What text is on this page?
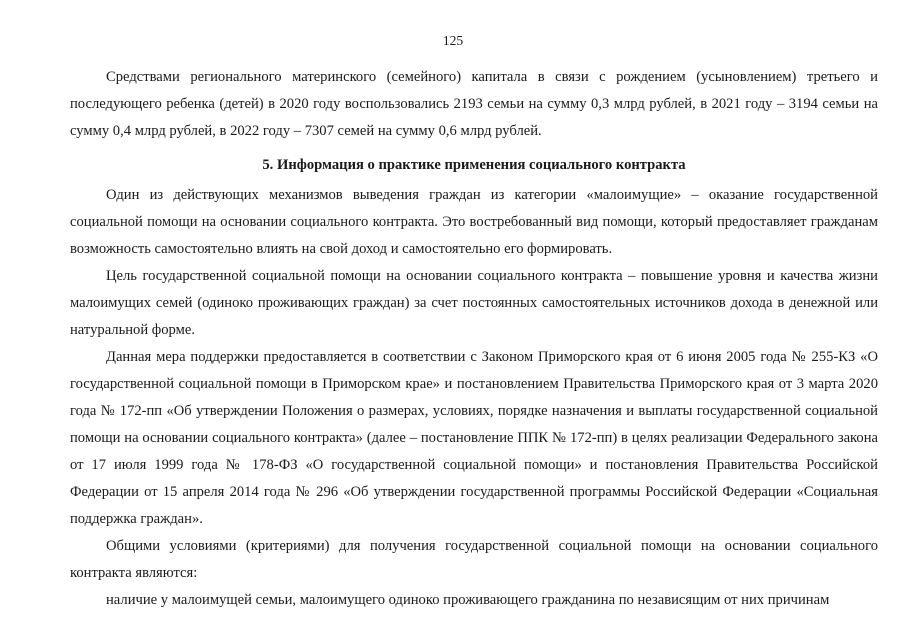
125

Средствами регионального материнского (семейного) капитала в связи с рождением (усыновлением) третьего и последующего ребенка (детей) в 2020 году воспользовались 2193 семьи на сумму 0,3 млрд рублей, в 2021 году – 3194 семьи на сумму 0,4 млрд рублей, в 2022 году – 7307 семей на сумму 0,6 млрд рублей.

5. Информация о практике применения социального контракта

Один из действующих механизмов выведения граждан из категории «малоимущие» – оказание государственной социальной помощи на основании социального контракта. Это востребованный вид помощи, который предоставляет гражданам возможность самостоятельно влиять на свой доход и самостоятельно его формировать.

Цель государственной социальной помощи на основании социального контракта – повышение уровня и качества жизни малоимущих семей (одиноко проживающих граждан) за счет постоянных самостоятельных источников дохода в денежной или натуральной форме.

Данная мера поддержки предоставляется в соответствии с Законом Приморского края от 6 июня 2005 года № 255-КЗ «О государственной социальной помощи в Приморском крае» и постановлением Правительства Приморского края от 3 марта 2020 года № 172-пп «Об утверждении Положения о размерах, условиях, порядке назначения и выплаты государственной социальной помощи на основании социального контракта» (далее – постановление ППК № 172-пп) в целях реализации Федерального закона от 17 июля 1999 года № 178-ФЗ «О государственной социальной помощи» и постановления Правительства Российской Федерации от 15 апреля 2014 года № 296 «Об утверждении государственной программы Российской Федерации «Социальная поддержка граждан».

Общими условиями (критериями) для получения государственной социальной помощи на основании социального контракта являются:

наличие у малоимущей семьи, малоимущего одиноко проживающего гражданина по независящим от них причинам
